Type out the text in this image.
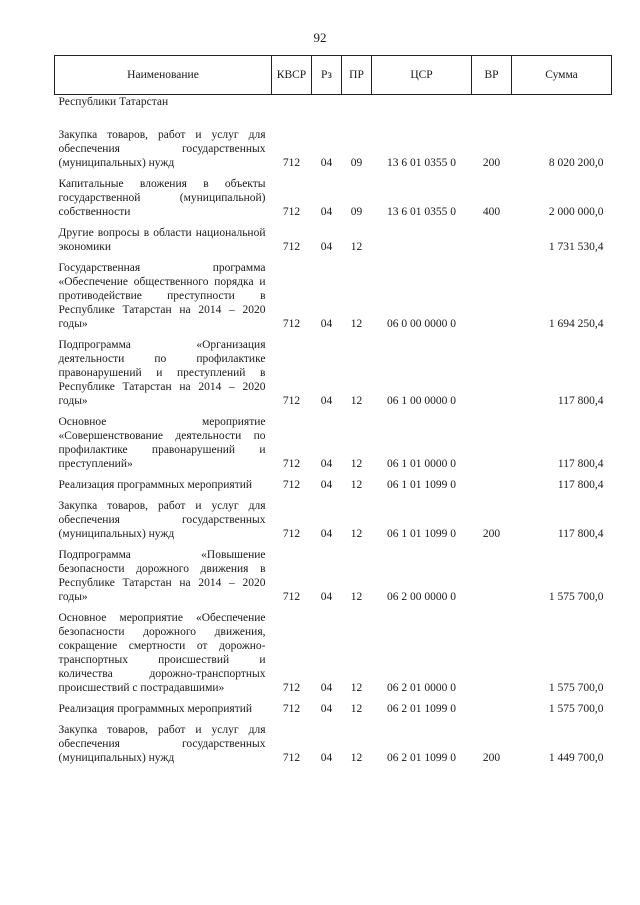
92
Наименование	КВСР	Рз	ПР	ЦСР	ВР	Сумма
Республики Татарстан						
Закупка товаров, работ и услуг для обеспечения государственных (муниципальных) нужд	712	04	09	13 6 01 0355 0	200	8 020 200,0
Капитальные вложения в объекты государственной (муниципальной) собственности	712	04	09	13 6 01 0355 0	400	2 000 000,0
Другие вопросы в области национальной экономики	712	04	12			1 731 530,4
Государственная программа «Обеспечение общественного порядка и противодействие преступности в Республике Татарстан на 2014 – 2020 годы»	712	04	12	06 0 00 0000 0		1 694 250,4
Подпрограмма «Организация деятельности по профилактике правонарушений и преступлений в Республике Татарстан на 2014 – 2020 годы»	712	04	12	06 1 00 0000 0		117 800,4
Основное мероприятие «Совершенствование деятельности по профилактике правонарушений и преступлений»	712	04	12	06 1 01 0000 0		117 800,4
Реализация программных мероприятий	712	04	12	06 1 01 1099 0		117 800,4
Закупка товаров, работ и услуг для обеспечения государственных (муниципальных) нужд	712	04	12	06 1 01 1099 0	200	117 800,4
Подпрограмма «Повышение безопасности дорожного движения в Республике Татарстан на 2014 – 2020 годы»	712	04	12	06 2 00 0000 0		1 575 700,0
Основное мероприятие «Обеспечение безопасности дорожного движения, сокращение смертности от дорожно-транспортных происшествий и количества дорожно-транспортных происшествий с пострадавшими»	712	04	12	06 2 01 0000 0		1 575 700,0
Реализация программных мероприятий	712	04	12	06 2 01 1099 0		1 575 700,0
Закупка товаров, работ и услуг для обеспечения государственных (муниципальных) нужд	712	04	12	06 2 01 1099 0	200	1 449 700,0
